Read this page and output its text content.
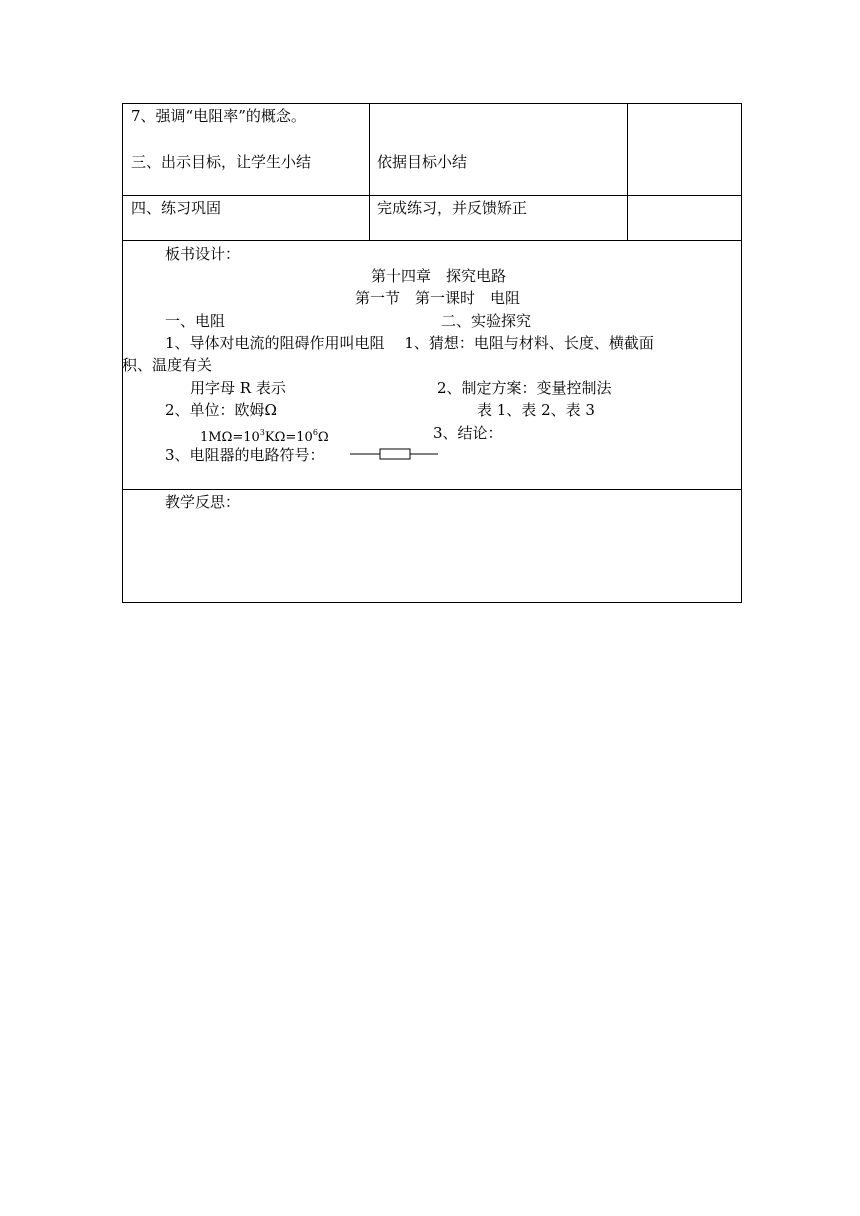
7、强调“电阻率”的概念。
三、出示目标，让学生小结	依据目标小结
四、练习巩固	完成练习，并反馈矫正
板书设计：
第十四章　探究电路
第一节　第一课时　电阻
一、电阻	二、实验探究
1、导体对电流的阻碍作用叫电阻　 1、猜想：电阻与材料、长度、横截面
积、温度有关
用字母 R 表示	2、制定方案：变量控制法
2、单位：欧姆Ω	表 1、表 2、表 3
$1M\Omega=10^3K\Omega=10^6\Omega$	3、结论：
3、电阻器的电路符号：
教学反思：
